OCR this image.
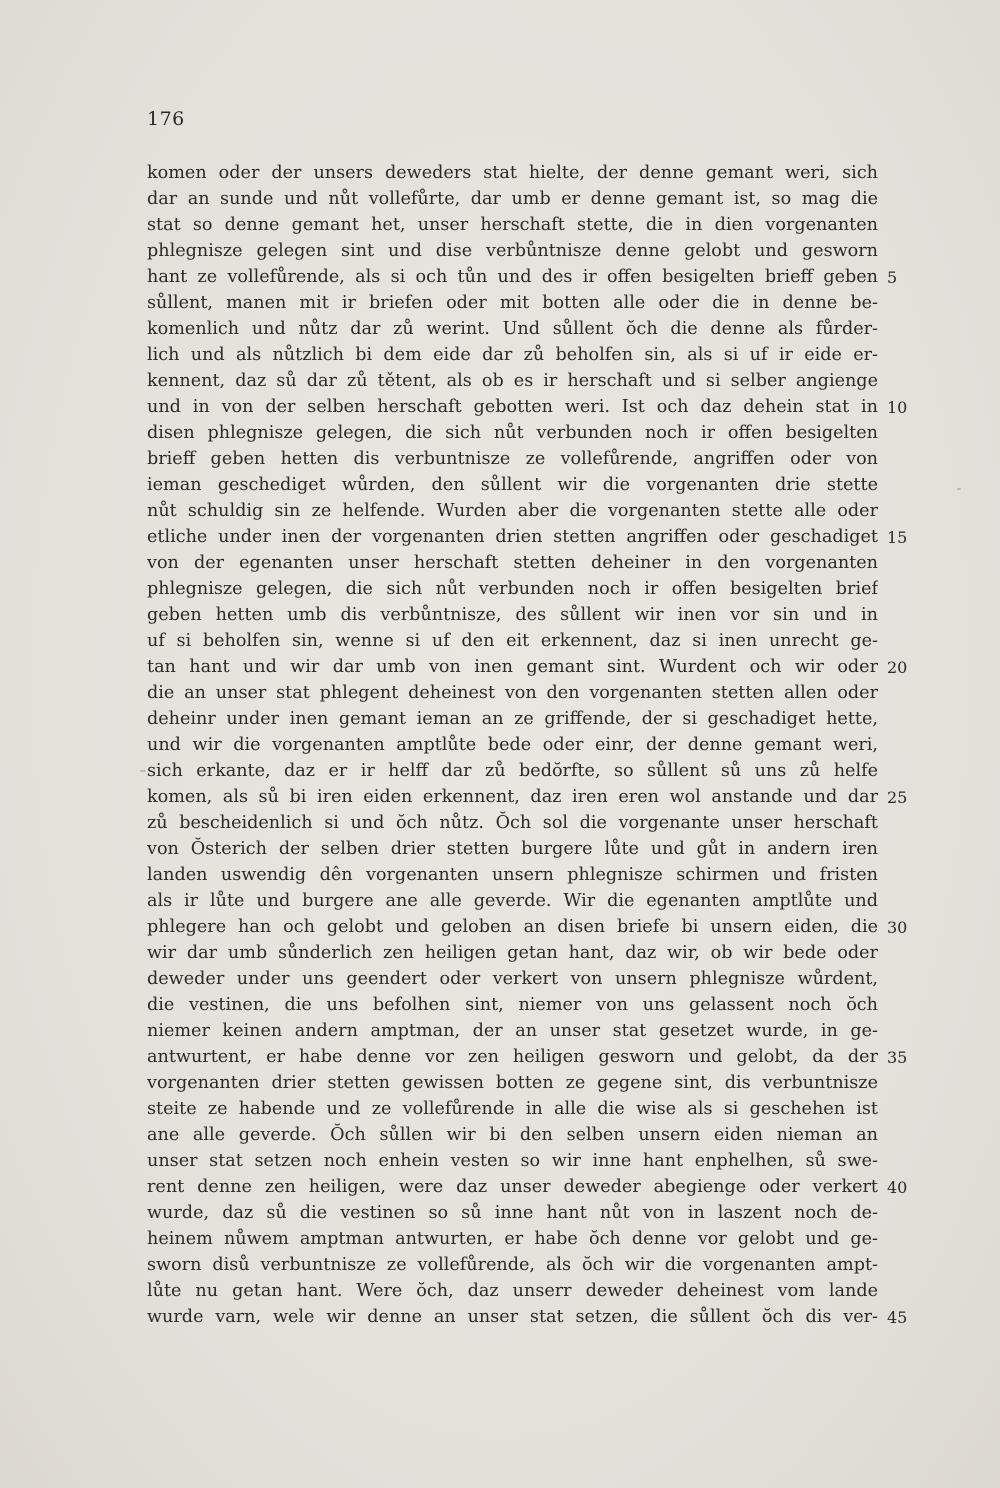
176
komen oder der unsers deweders stat hielte, der denne gemant weri, sich
dar an sunde und nůt vollefůrte, dar umb er denne gemant ist, so mag die
stat so denne gemant het, unser herschaft stette, die in dien vorgenanten
phlegnisze gelegen sint und dise verbůntnisze denne gelobt und gesworn
hant ze vollefůrende, als si och tůn und des ir offen besigelten brieff geben 5
sůllent, manen mit ir briefen oder mit botten alle oder die in denne be-
komenlich und nůtz dar zů werint. Und sůllent ŏch die denne als fůrder-
lich und als nůtzlich bi dem eide dar zů beholfen sin, als si uf ir eide er-
kennent, daz sů dar zů tětent, als ob es ir herschaft und si selber angienge
und in von der selben herschaft gebotten weri. Ist och daz dehein stat in 10
disen phlegnisze gelegen, die sich nůt verbunden noch ir offen besigelten
brieff geben hetten dis verbuntnisze ze vollefůrende, angriffen oder von
ieman geschediget wůrden, den sůllent wir die vorgenanten drie stette
nůt schuldig sin ze helfende. Wurden aber die vorgenanten stette alle oder
etliche under inen der vorgenanten drien stetten angriffen oder geschadiget 15
von der egenanten unser herschaft stetten deheiner in den vorgenanten
phlegnisze gelegen, die sich nůt verbunden noch ir offen besigelten brief
geben hetten umb dis verbůntnisze, des sůllent wir inen vor sin und in
uf si beholfen sin, wenne si uf den eit erkennent, daz si inen unrecht ge-
tan hant und wir dar umb von inen gemant sint. Wurdent och wir oder 20
die an unser stat phlegent deheinest von den vorgenanten stetten allen oder
deheinr under inen gemant ieman an ze griffende, der si geschadiget hette,
und wir die vorgenanten amptlůte bede oder einr, der denne gemant weri,
sich erkante, daz er ir helff dar zů bedŏrfte, so sůllent sů uns zů helfe
komen, als sů bi iren eiden erkennent, daz iren eren wol anstande und dar 25
zů bescheidenlich si und ŏch nůtz. Ŏch sol die vorgenante unser herschaft
von Ŏsterich der selben drier stetten burgere lůte und gůt in andern iren
landen uswendig dên vorgenanten unsern phlegnisze schirmen und fristen
als ir lůte und burgere ane alle geverde. Wir die egenanten amptlůte und
phlegere han och gelobt und geloben an disen briefe bi unsern eiden, die 30
wir dar umb sůnderlich zen heiligen getan hant, daz wir, ob wir bede oder
deweder under uns geendert oder verkert von unsern phlegnisze wůrdent,
die vestinen, die uns befolhen sint, niemer von uns gelassent noch ŏch
niemer keinen andern amptman, der an unser stat gesetzet wurde, in ge-
antwurtent, er habe denne vor zen heiligen gesworn und gelobt, da der 35
vorgenanten drier stetten gewissen botten ze gegene sint, dis verbuntnisze
steite ze habende und ze vollefůrende in alle die wise als si geschehen ist
ane alle geverde. Ŏch sůllen wir bi den selben unsern eiden nieman an
unser stat setzen noch enhein vesten so wir inne hant enphelhen, sů swe-
rent denne zen heiligen, were daz unser deweder abegienge oder verkert 40
wurde, daz sů die vestinen so sů inne hant nůt von in laszent noch de-
heinem nůwem amptman antwurten, er habe ŏch denne vor gelobt und ge-
sworn disů verbuntnisze ze vollefůrende, als ŏch wir die vorgenanten ampt-
lůte nu getan hant. Were ŏch, daz unserr deweder deheinest vom lande
wurde varn, wele wir denne an unser stat setzen, die sůllent ŏch dis ver- 45
